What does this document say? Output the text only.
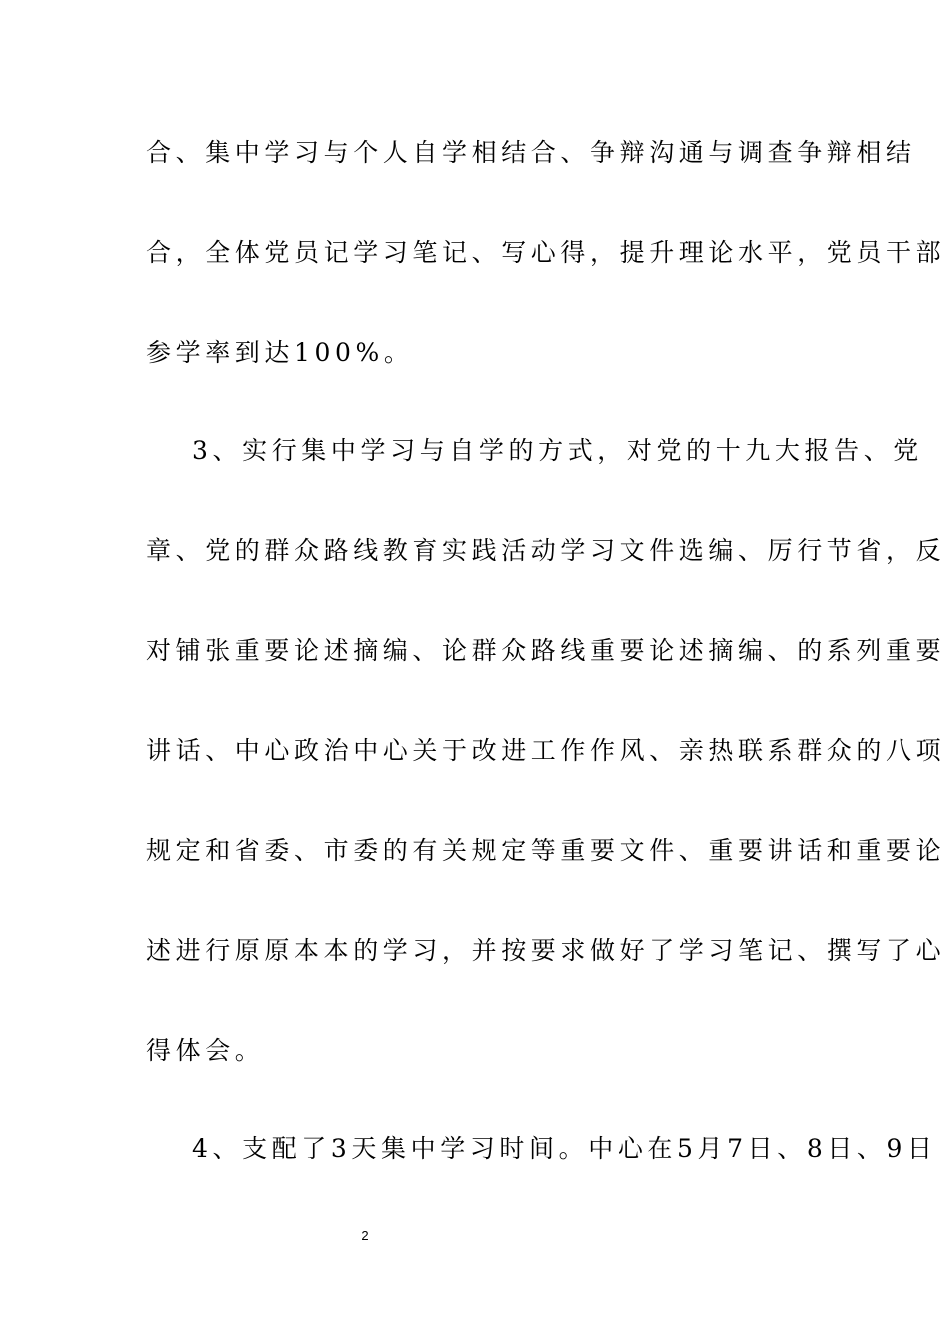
合、集中学习与个人自学相结合、争辩沟通与调查争辩相结
合，全体党员记学习笔记、写心得，提升理论水平，党员干部
参学率到达100%。
3、实行集中学习与自学的方式，对党的十九大报告、党
章、党的群众路线教育实践活动学习文件选编、厉行节省，反
对铺张重要论述摘编、论群众路线重要论述摘编、的系列重要
讲话、中心政治中心关于改进工作作风、亲热联系群众的八项
规定和省委、市委的有关规定等重要文件、重要讲话和重要论
述进行原原本本的学习，并按要求做好了学习笔记、撰写了心
得体会。
4、支配了3天集中学习时间。中心在5月7日、8日、9日
2
